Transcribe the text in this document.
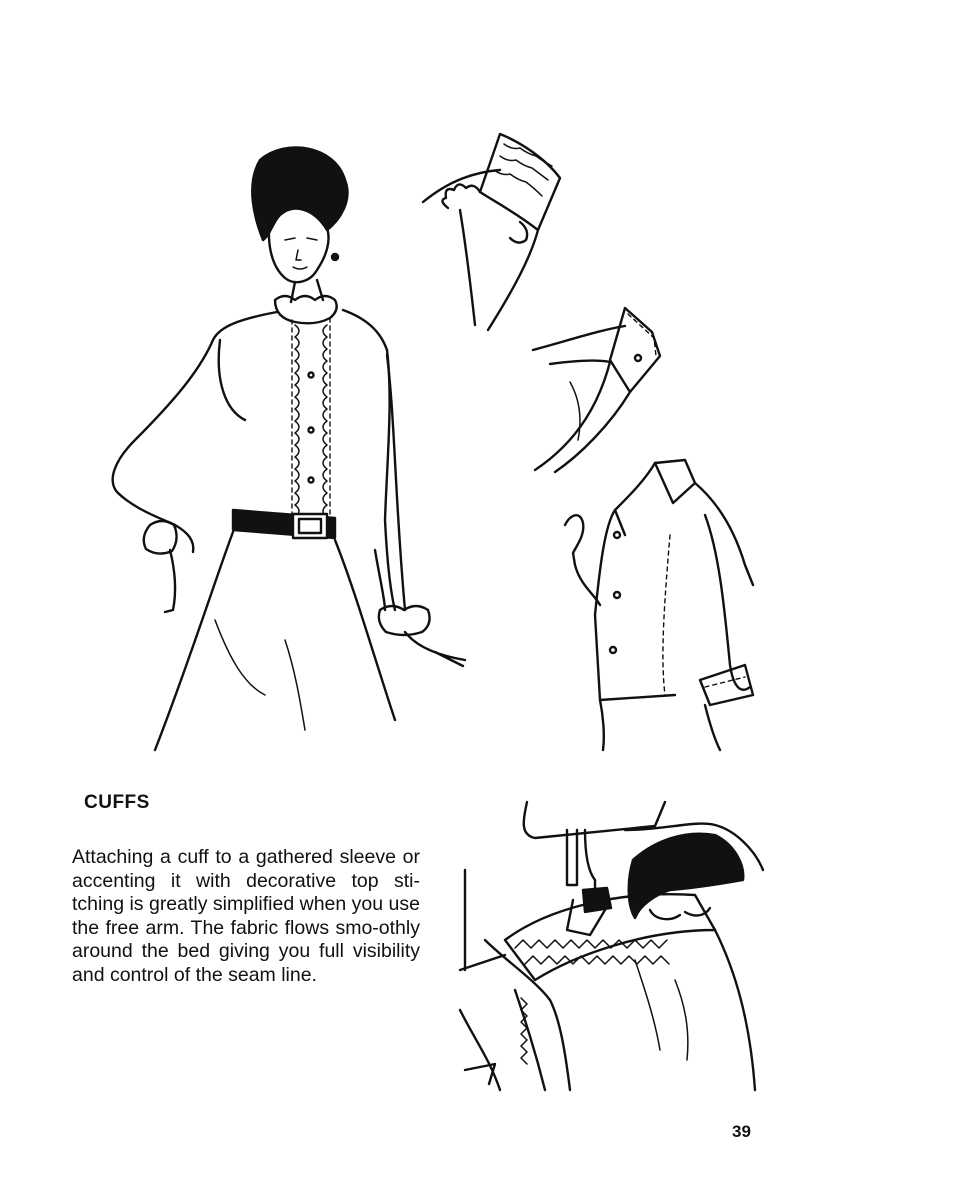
CUFFS
Attaching a cuff to a gathered sleeve or accenting it with decorative top sti-tching is greatly simplified when you use the free arm. The fabric flows smo-othly around the bed giving you full visibility and control of the seam line.
39
